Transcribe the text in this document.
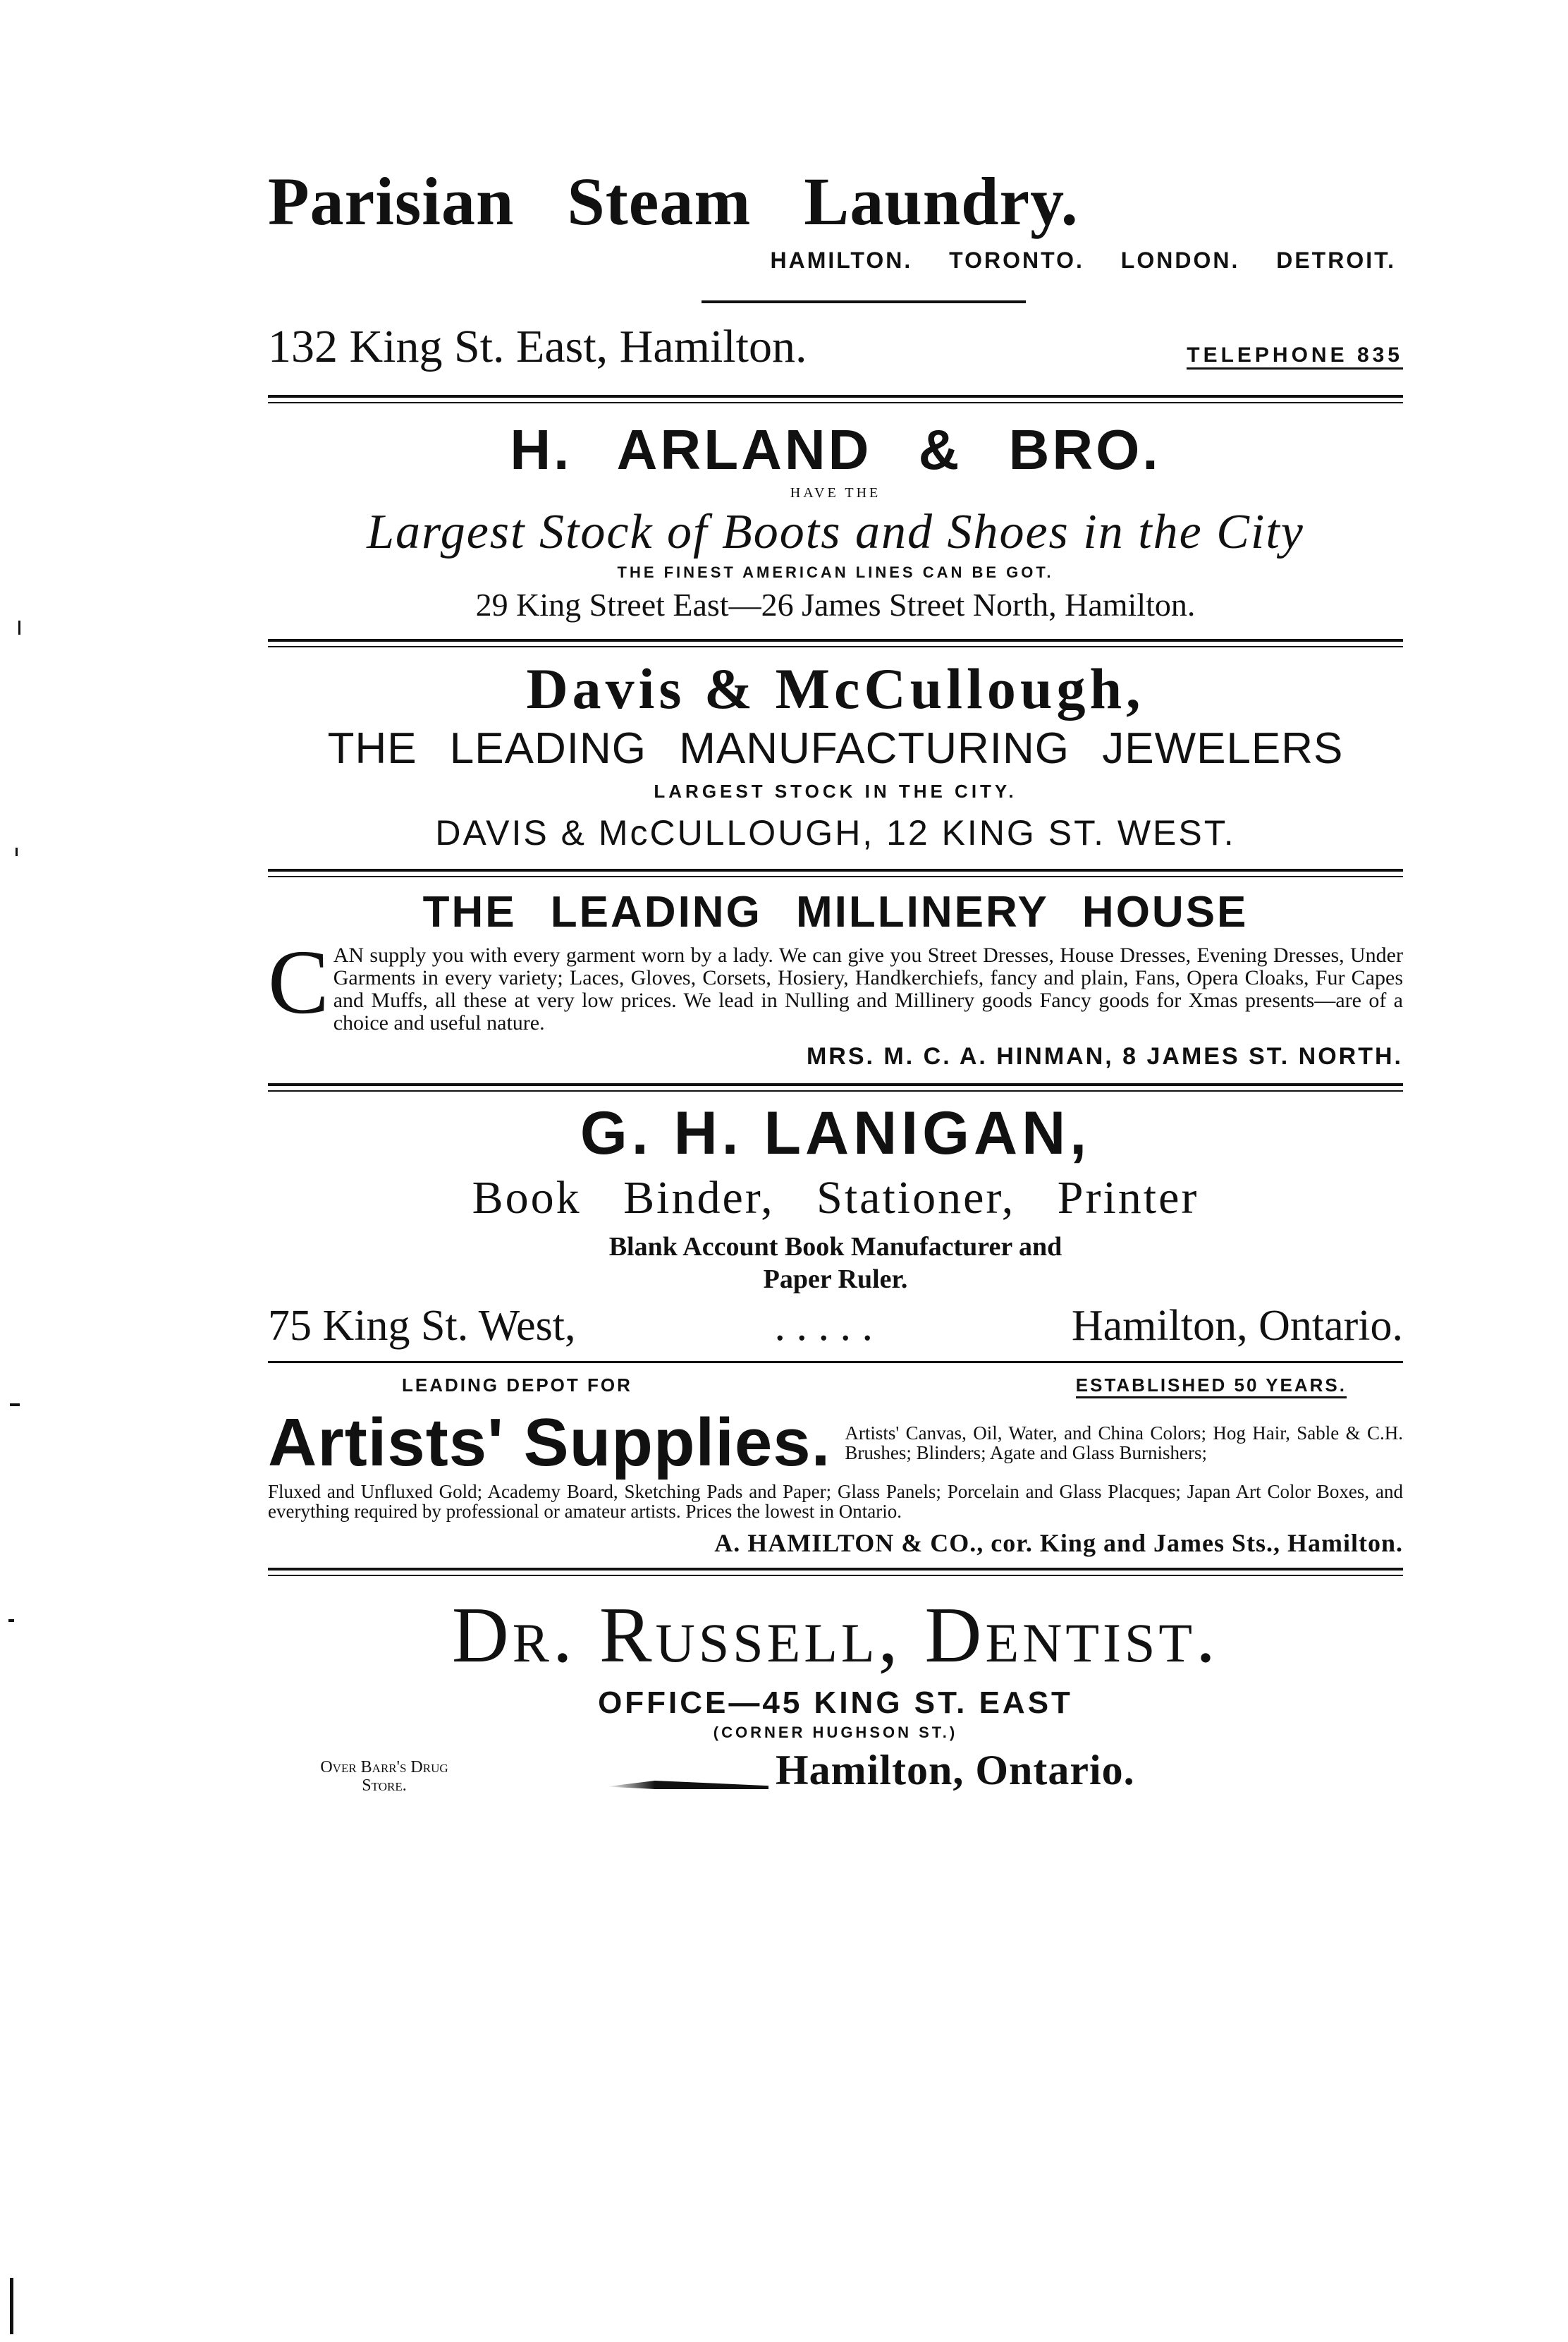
Parisian Steam Laundry.
HAMILTON. TORONTO. LONDON. DETROIT.
132 King St. East, Hamilton.	TELEPHONE 835
H. ARLAND & BRO.
HAVE THE
Largest Stock of Boots and Shoes in the City
THE FINEST AMERICAN LINES CAN BE GOT.
29 King Street East—26 James Street North, Hamilton.
Davis & McCullough,
THE LEADING MANUFACTURING JEWELERS
LARGEST STOCK IN THE CITY.
DAVIS & McCULLOUGH, 12 KING ST. WEST.
THE LEADING MILLINERY HOUSE
C AN supply you with every garment worn by a lady. We can give you Street Dresses, House Dresses, Evening Dresses, Under Garments in every variety; Laces, Gloves, Corsets, Hosiery, Handkerchiefs, fancy and plain, Fans, Opera Cloaks, Fur Capes and Muffs, all these at very low prices. We lead in Nulling and Millinery goods Fancy goods for Xmas presents—are of a choice and useful nature.
MRS. M. C. A. HINMAN, 8 JAMES ST. NORTH.
G. H. LANIGAN,
Book Binder, Stationer, Printer
Blank Account Book Manufacturer and
Paper Ruler.
75 King St. West,	. . . . .	Hamilton, Ontario.
LEADING DEPOT FOR	ESTABLISHED 50 YEARS.
Artists' Supplies. Artists' Canvas, Oil, Water, and China Colors; Hog Hair, Sable & C.H. Brushes; Blinders; Agate and Glass Burnishers;
Fluxed and Unfluxed Gold; Academy Board, Sketching Pads and Paper; Glass Panels; Porcelain and Glass Placques; Japan Art Color Boxes, and everything required by professional or amateur artists. Prices the lowest in Ontario.
A. HAMILTON & CO., cor. King and James Sts., Hamilton.
Dr. Russell, Dentist.
OFFICE—45 KING ST. EAST
(CORNER HUGHSON ST.)
Over Barr's Drug
Store.	Hamilton, Ontario.
